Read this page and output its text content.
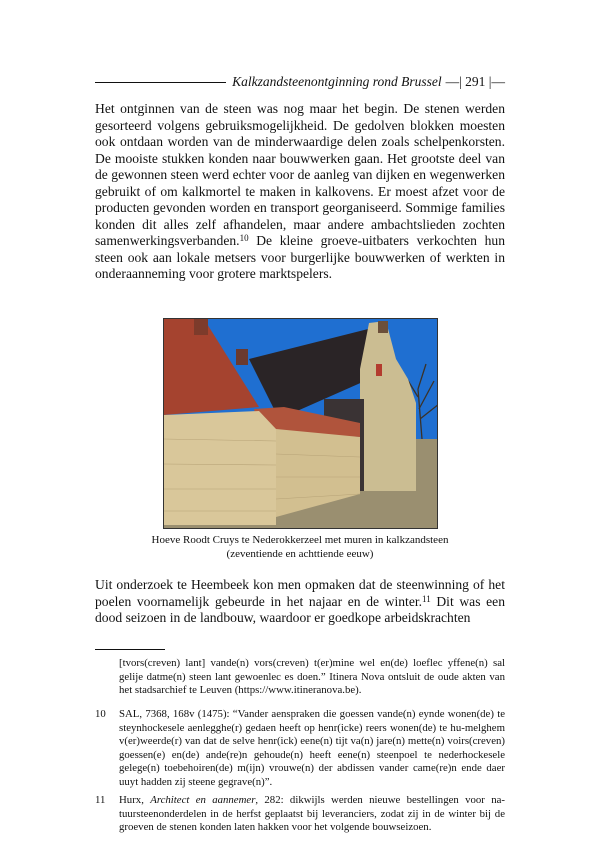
Kalkzandsteenontginning rond Brussel —| 291 |—

Het ontginnen van de steen was nog maar het begin. De stenen werden gesorteerd volgens gebruiksmogelijkheid. De gedolven blokken moesten ook ontdaan worden van de minderwaardige delen zoals schelpenkorsten. De mooiste stukken konden naar bouwwerken gaan. Het grootste deel van de gewonnen steen werd echter voor de aanleg van dijken en wegenwerken gebruikt of om kalkmortel te maken in kalkovens. Er moest afzet voor de producten gevonden worden en transport georganiseerd. Sommige families konden dit alles zelf afhandelen, maar andere ambachtslieden zochten samenwerkingsverbanden.$^{10}$ De kleine groeve-uitbaters verkochten hun steen ook aan lokale metsers voor burgerlijke bouwwerken of werkten in onderaanneming voor grotere marktspelers.

Hoeve Roodt Cruys te Nederokkerzeel met muren in kalkzandsteen
(zeventiende en achttiende eeuw)

Uit onderzoek te Heembeek kon men opmaken dat de steenwinning of het poelen voornamelijk gebeurde in het najaar en de winter.$^{11}$ Dit was een dood seizoen in de landbouw, waardoor er goedkope arbeidskrachten

[tvors(creven) lant] vande(n) vors(creven) t(er)mine wel en(de) loeflec yffene(n) sal gelije datme(n) steen lant gewoenlec es doen.” Itinera Nova ontsluit de oude akten van het stadsarchief te Leuven (https://www.itineranova.be).

10	SAL, 7368, 168v (1475): “Vander aenspraken die goessen vande(n) eynde wonen(de) te steynhockesele aenlegghe(r) gedaen heeft op henr(icke) reers wonen(de) te hu-melghem v(er)weerde(r) van dat de selve henr(ick) eene(n) tijt va(n) jare(n) mette(n) voirs(creven) goessen(e) en(de) ande(re)n gehoude(n) heeft eene(n) steenpoel te nederhockesele gelege(n) toebehoiren(de) m(ijn) vrouwe(n) der abdissen vander came(re)n ende daer uuyt hadden zij steene gegrave(n)”.
11	Hurx, Architect en aannemer, 282: dikwijls werden nieuwe bestellingen voor na-tuursteenonderdelen in de herfst geplaatst bij leveranciers, zodat zij in de winter bij de groeven de stenen konden laten hakken voor het volgende bouwseizoen.
